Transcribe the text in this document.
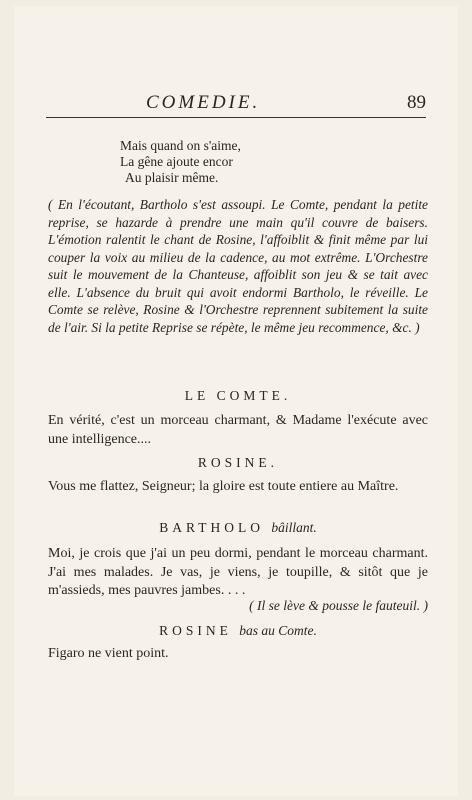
COMEDIE.	89
Mais quand on s'aime,
La gêne ajoute encor
Au plaisir même.
( En l'écoutant, Bartholo s'est assoupi. Le Comte, pendant la petite reprise, se hazarde à prendre une main qu'il couvre de baisers. L'émotion ralentit le chant de Rosine, l'affoiblit & finit même par lui couper la voix au milieu de la cadence, au mot extrême. L'Orchestre suit le mouvement de la Chanteuse, affoiblit son jeu & se tait avec elle. L'absence du bruit qui avoit endormi Bartholo, le réveille. Le Comte se relève, Rosine & l'Orchestre reprennent subitement la suite de l'air. Si la petite Reprise se répète, le même jeu recommence, &c. )
LE COMTE.
En vérité, c'est un morceau charmant, & Madame l'exécute avec une intelligence....
ROSINE.
Vous me flattez, Seigneur; la gloire est toute entiere au Maître.
BARTHOLO bâillant.
Moi, je crois que j'ai un peu dormi, pendant le morceau charmant. J'ai mes malades. Je vas, je viens, je toupille, & sitôt que je m'assieds, mes pauvres jambes. . . .
( Il se lève & pousse le fauteuil. )
ROSINE bas au Comte.
Figaro ne vient point.
